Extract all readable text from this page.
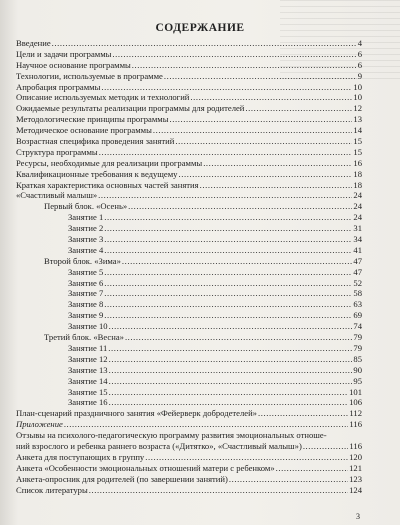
СОДЕРЖАНИЕ
Введение .....	4
Цели и задачи программы .....	6
Научное основание программы .....	6
Технологии, используемые в программе .....	9
Апробация программы .....	10
Описание используемых методик и технологий .....	10
Ожидаемые результаты реализации программы для родителей .....	12
Методологические принципы программы .....	13
Методическое основание программы .....	14
Возрастная специфика проведения занятий .....	15
Структура программы .....	15
Ресурсы, необходимые для реализации программы .....	16
Квалификационные требования к ведущему .....	18
Краткая характеристика основных частей занятия .....	18
«Счастливый малыш» .....	24
Первый блок. «Осень» .....	24
Занятие 1 .....	24
Занятие 2 .....	31
Занятие 3 .....	34
Занятие 4 .....	41
Второй блок. «Зима» .....	47
Занятие 5 .....	47
Занятие 6 .....	52
Занятие 7 .....	58
Занятие 8 .....	63
Занятие 9 .....	69
Занятие 10 .....	74
Третий блок. «Весна» .....	79
Занятие 11 .....	79
Занятие 12 .....	85
Занятие 13 .....	90
Занятие 14 .....	95
Занятие 15 .....	101
Занятие 16 .....	106
План-сценарий праздничного занятия «Фейерверк добродетелей» .....	112
Приложение .....	116
Отзывы на психолого-педагогическую программу развития эмоциональных отноше-
ний взрослого и ребенка раннего возраста («Дитятко», «Счастливый малыш») .....	116
Анкета для поступающих в группу .....	120
Анкета «Особенности эмоциональных отношений матери с ребенком» .....	121
Анкета-опросник для родителей (по завершении занятий) .....	123
Список литературы .....	124
3
